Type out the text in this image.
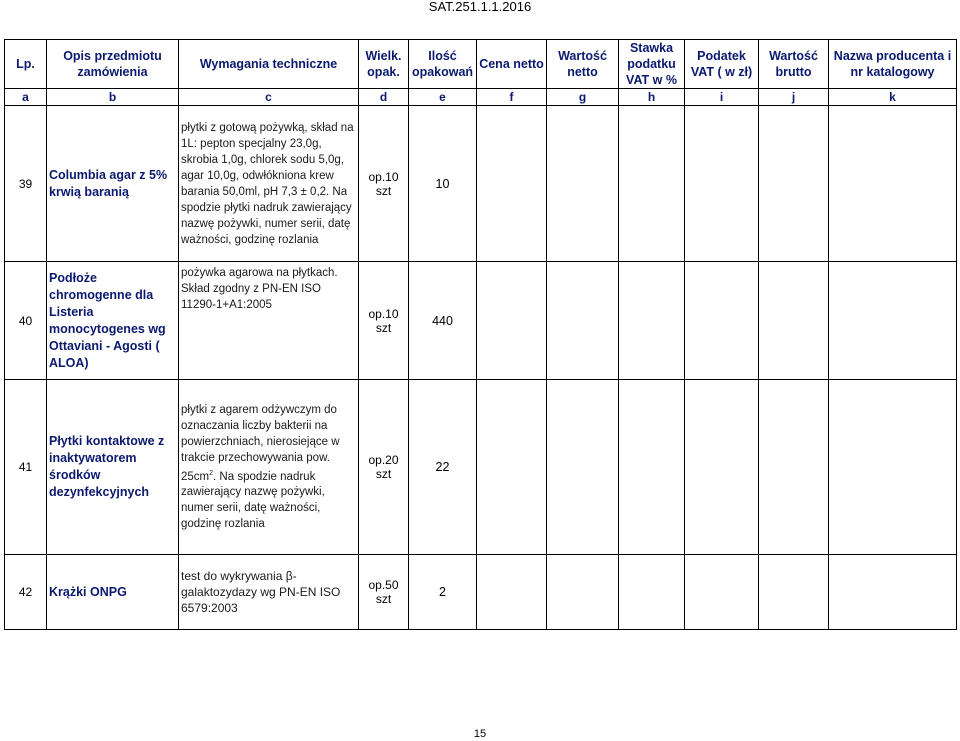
SAT.251.1.1.2016
Lp.	Opis przedmiotu zamówienia	Wymagania techniczne	Wielk. opak.	Ilość opakowań	Cena netto	Wartość netto	Stawka podatku VAT w %	Podatek VAT ( w zł)	Wartość brutto	Nazwa producenta i nr katalogowy
a	b	c	d	e	f	g	h	i	j	k
39	Columbia agar z 5% krwią baranią	płytki z gotową pożywką, skład na 1L: pepton specjalny 23,0g, skrobia 1,0g, chlorek sodu 5,0g, agar 10,0g, odwłókniona krew barania 50,0ml, pH 7,3 ± 0,2. Na spodzie płytki nadruk zawierający nazwę pożywki, numer serii, datę ważności, godzinę rozlania	op.10 szt	10						
40	Podłoże chromogenne dla Listeria monocytogenes wg Ottaviani - Agosti ( ALOA)	pożywka agarowa na płytkach. Skład zgodny z PN-EN ISO 11290-1+A1:2005	op.10 szt	440						
41	Płytki kontaktowe z inaktywatorem środków dezynfekcyjnych	płytki z agarem odżywczym do oznaczania liczby bakterii na powierzchniach, nierosiejące w trakcie przechowywania pow. $25cm^2$. Na spodzie nadruk zawierający nazwę pożywki, numer serii, datę ważności, godzinę rozlania	op.20 szt	22						
42	Krążki ONPG	test do wykrywania β-galaktozydazy wg PN-EN ISO 6579:2003	op.50 szt	2						
15
